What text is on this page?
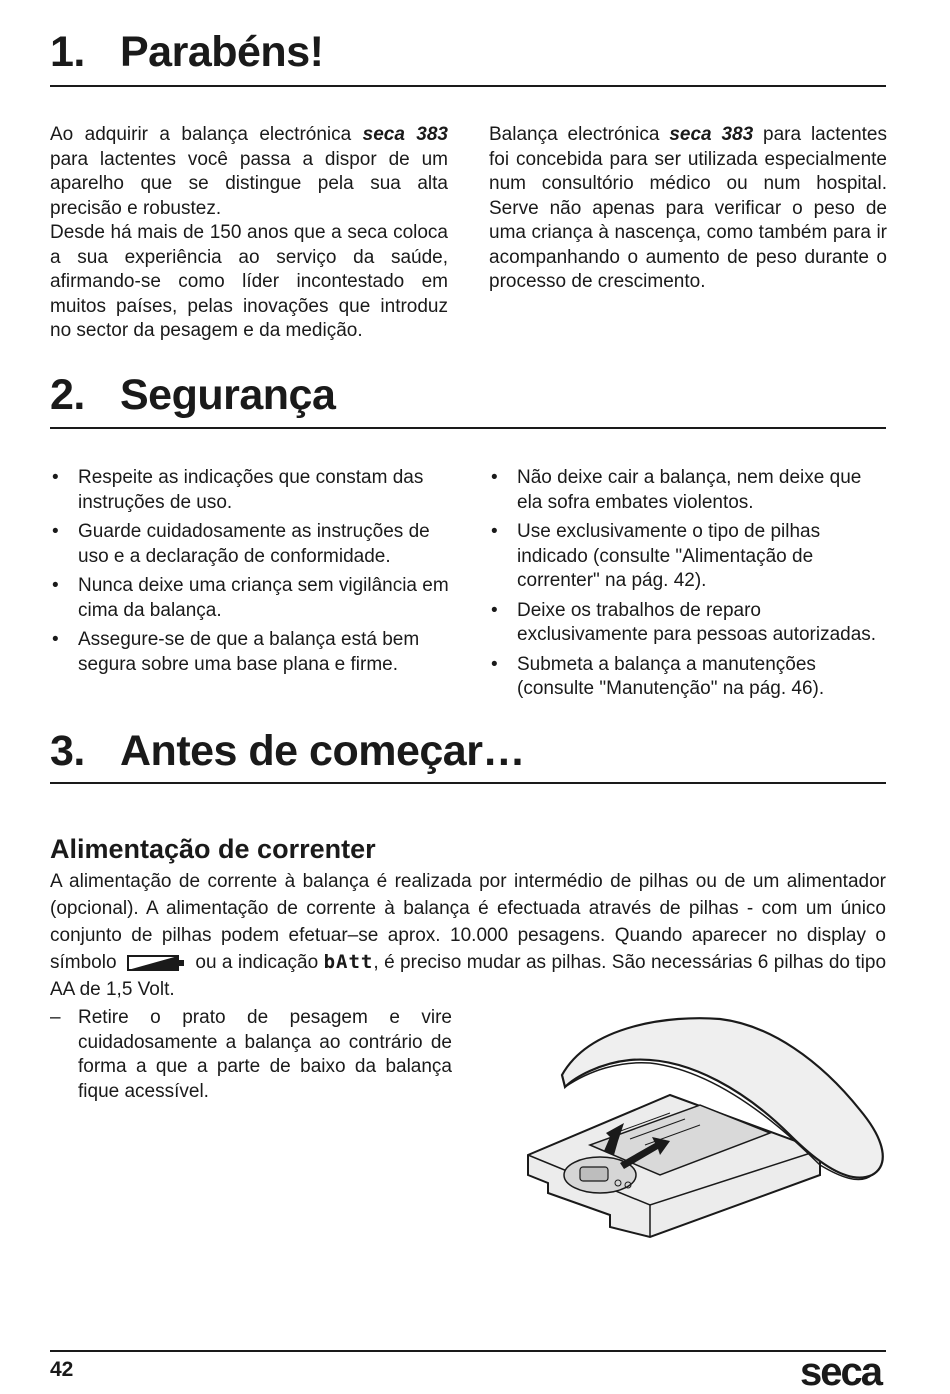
1. Parabéns!

Ao adquirir a balança electrónica seca 383 para lactentes você passa a dispor de um aparelho que se distingue pela sua alta precisão e robustez.

Desde há mais de 150 anos que a seca coloca a sua experiência ao serviço da saúde, afirmando-se como líder incontestado em muitos países, pelas inovações que introduz no sector da pesagem e da medição.

Balança electrónica seca 383 para lactentes foi concebida para ser utilizada especialmente num consultório médico ou num hospital. Serve não apenas para verificar o peso de uma criança à nascença, como também para ir acompanhando o aumento de peso durante o processo de crescimento.

2. Segurança
• Respeite as indicações que constam das instruções de uso.
• Guarde cuidadosamente as instruções de uso e a declaração de conformidade.
• Nunca deixe uma criança sem vigilância em cima da balança.
• Assegure-se de que a balança está bem segura sobre uma base plana e firme.
• Não deixe cair a balança, nem deixe que ela sofra embates violentos.
• Use exclusivamente o tipo de pilhas indicado (consulte "Alimentação de correnter" na pág. 42).
• Deixe os trabalhos de reparo exclusivamente para pessoas autorizadas.
• Submeta a balança a manutenções (consulte "Manutenção" na pág. 46).
3. Antes de começar…
Alimentação de correnter
A alimentação de corrente à balança é realizada por intermédio de pilhas ou de um alimentador (opcional). A alimentação de corrente à balança é efectuada através de pilhas - com um único conjunto de pilhas podem efetuar–se aprox. 10.000 pesagens. Quando aparecer no display o símbolo	ou a indicação bAtt, é preciso mudar as pilhas. São necessárias 6 pilhas do tipo AA de 1,5 Volt.
– Retire o prato de pesagem e vire cuidadosamente a balança ao contrário de forma a que a parte de baixo da balança fique acessível.
42	seca
